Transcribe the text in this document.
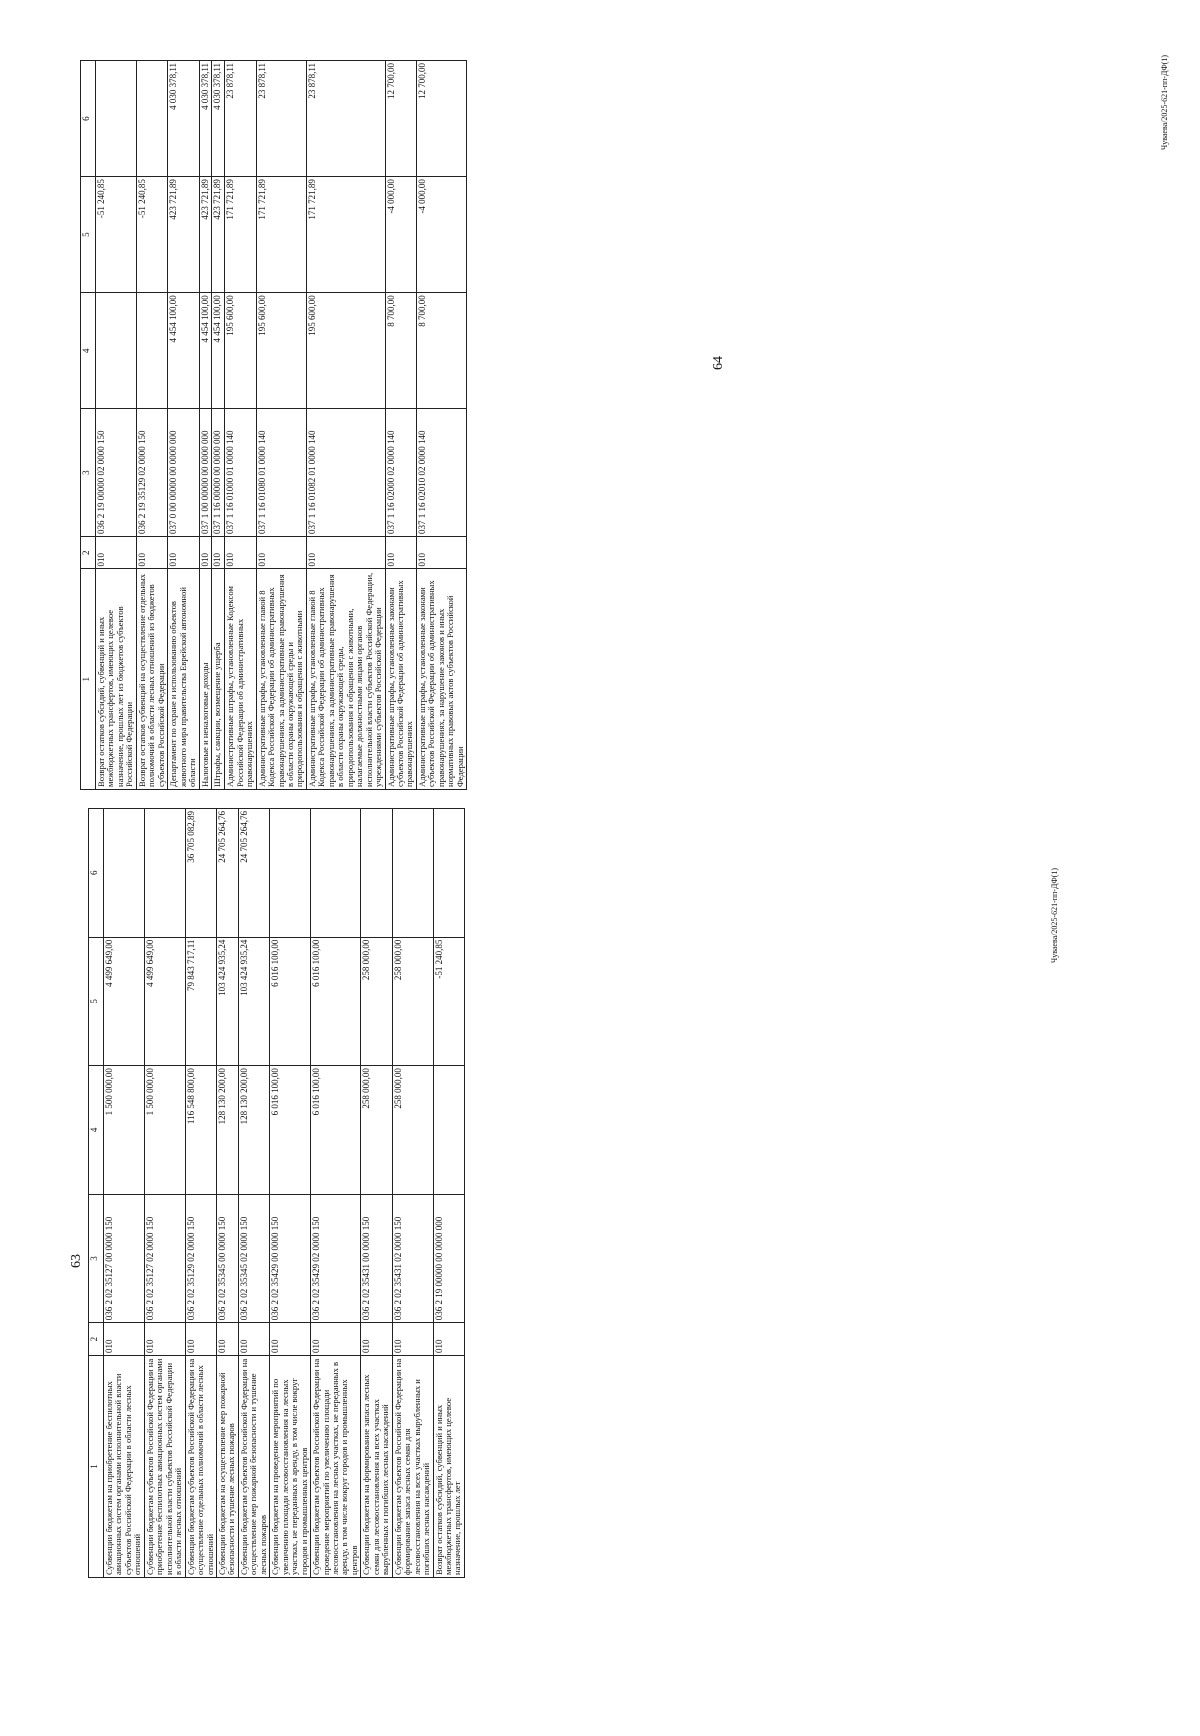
64
1	2	3	4	5	6
Возврат остатков субсидий, субвенций и иных межбюджетных трансфертов, имеющих целевое назначение, прошлых лет из бюджетов субъектов Российской Федерации	010	036 2 19 00000 02 0000 150		-51 240,85	
Возврат остатков субвенций на осуществление отдельных полномочий в области лесных отношений из бюджетов субъектов Российской Федерации	010	036 2 19 35129 02 0000 150		-51 240,85	
Департамент по охране и использованию объектов животного мира правительства Еврейской автономной области	010	037 0 00 00000 00 0000 000	4 454 100,00	423 721,89	4 030 378,11
Налоговые и неналоговые доходы	010	037 1 00 00000 00 0000 000	4 454 100,00	423 721,89	4 030 378,11
Штрафы, санкции, возмещение ущерба	010	037 1 16 00000 00 0000 000	4 454 100,00	423 721,89	4 030 378,11
Административные штрафы, установленные Кодексом Российской Федерации об административных правонарушениях	010	037 1 16 01000 01 0000 140	195 600,00	171 721,89	23 878,11
Административные штрафы, установленные главой 8 Кодекса Российской Федерации об административных правонарушениях, за административные правонарушения в области охраны окружающей среды и природопользования и обращения с животными	010	037 1 16 01080 01 0000 140	195 600,00	171 721,89	23 878,11
Административные штрафы, установленные главой 8 Кодекса Российской Федерации об административных правонарушениях, за административные правонарушения в области охраны окружающей среды, природопользования и обращения с животными, налагаемые должностными лицами органов исполнительной власти субъектов Российской Федерации, учреждениями субъектов Российской Федерации	010	037 1 16 01082 01 0000 140	195 600,00	171 721,89	23 878,11
Административные штрафы, установленные законами субъектов Российской Федерации об административных правонарушениях	010	037 1 16 02000 02 0000 140	8 700,00	-4 000,00	12 700,00
Административные штрафы, установленные законами субъектов Российской Федерации об административных правонарушениях, за нарушение законов и иных нормативных правовых актов субъектов Российской Федерации	010	037 1 16 02010 02 0000 140	8 700,00	-4 000,00	12 700,00	Чуваева/2025-621-пп-ДФ(1)
63
1	2	3	4	5	6
Субвенции бюджетам на приобретение беспилотных авиационных систем органами исполнительной власти субъектов Российской Федерации в области лесных отношений	010	036 2 02 35127 00 0000 150	1 500 000,00	4 499 649,00	
Субвенции бюджетам субъектов Российской Федерации на приобретение беспилотных авиационных систем органами исполнительной власти субъектов Российской Федерации в области лесных отношений	010	036 2 02 35127 02 0000 150	1 500 000,00	4 499 649,00	
Субвенции бюджетам субъектов Российской Федерации на осуществление отдельных полномочий в области лесных отношений	010	036 2 02 35129 02 0000 150	116 548 800,00	79 843 717,11	36 705 082,89
Субвенции бюджетам на осуществление мер пожарной безопасности и тушение лесных пожаров	010	036 2 02 35345 00 0000 150	128 130 200,00	103 424 935,24	24 705 264,76
Субвенции бюджетам субъектов Российской Федерации на осуществление мер пожарной безопасности и тушение лесных пожаров	010	036 2 02 35345 02 0000 150	128 130 200,00	103 424 935,24	24 705 264,76
Субвенции бюджетам на проведение мероприятий по увеличению площади лесовосстановления на лесных участках, не переданных в аренду, в том числе вокруг городов и промышленных центров	010	036 2 02 35429 00 0000 150	6 016 100,00	6 016 100,00	
Субвенции бюджетам субъектов Российской Федерации на проведение мероприятий по увеличению площади лесовосстановления на лесных участках, не переданных в аренду, в том числе вокруг городов и промышленных центров	010	036 2 02 35429 02 0000 150	6 016 100,00	6 016 100,00	
Субвенции бюджетам на формирование запаса лесных семян для лесовосстановления на всех участках вырубленных и погибших лесных насаждений	010	036 2 02 35431 00 0000 150	258 000,00	258 000,00	
Субвенции бюджетам субъектов Российской Федерации на формирование запаса лесных семян для лесовосстановления на всех участках вырубленных и погибших лесных насаждений	010	036 2 02 35431 02 0000 150	258 000,00	258 000,00	
Возврат остатков субсидий, субвенций и иных межбюджетных трансфертов, имеющих целевое назначение, прошлых лет	010	036 2 19 00000 00 0000 000		-51 240,85		Чуваева/2025-621-пп-ДФ(1)
